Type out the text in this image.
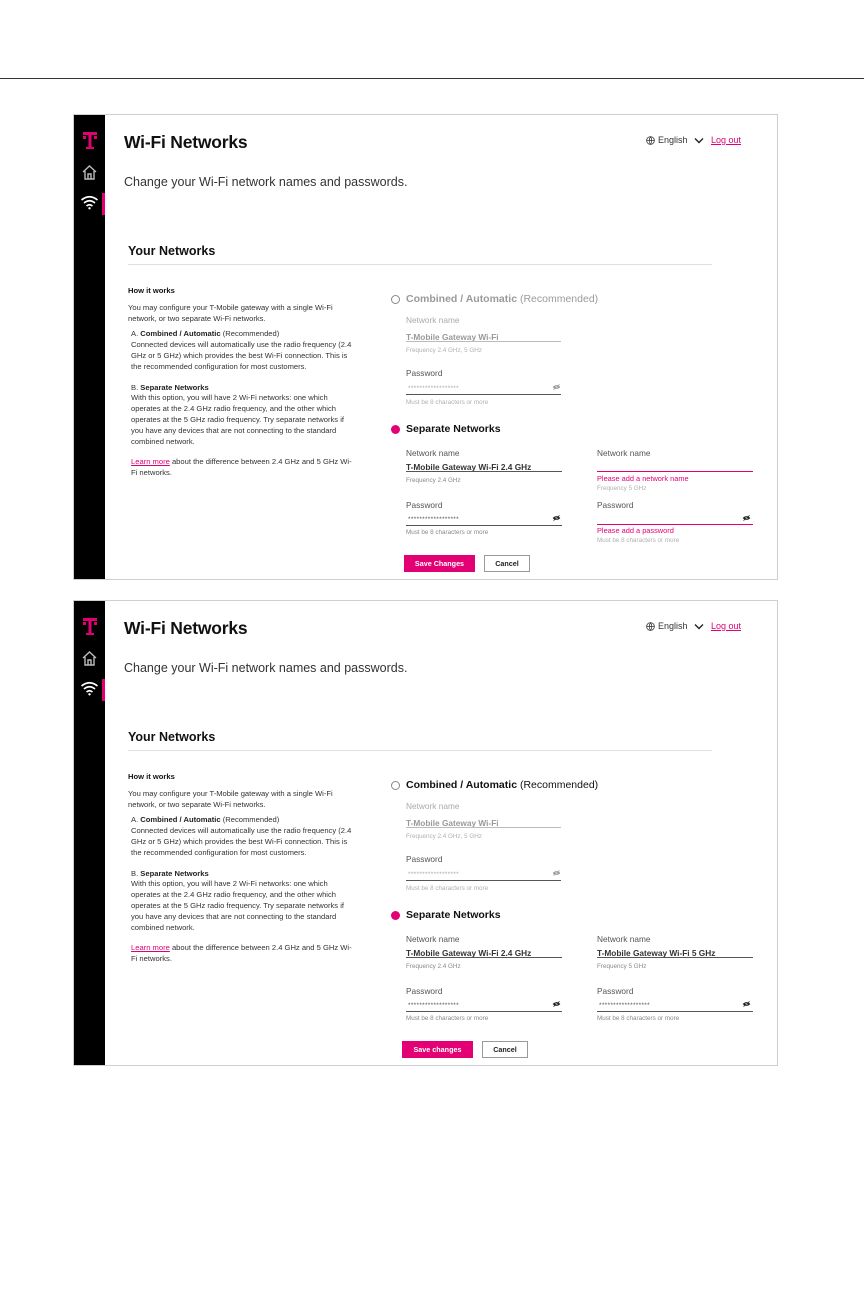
Wi-Fi Networks
Change your Wi-Fi network names and passwords.
English	Log out
Your Networks
How it works

You may configure your T-Mobile gateway with a single Wi-Fi network, or two separate Wi-Fi networks.

A. Combined / Automatic (Recommended)
Connected devices will automatically use the radio frequency (2.4 GHz or 5 GHz) which provides the best Wi-Fi connection. This is the recommended configuration for most customers.

B. Separate Networks
With this option, you will have 2 Wi-Fi networks: one which operates at the 2.4 GHz radio frequency, and the other which operates at the 5 GHz radio frequency. Try separate networks if you have any devices that are not connecting to the standard combined network.

Learn more about the difference between 2.4 GHz and 5 GHz Wi-Fi networks.

Combined / Automatic (Recommended)
Network name
T-Mobile Gateway Wi-Fi
Frequency 2.4 GHz, 5 GHz
Password
******************
Must be 8 characters or more
Separate Networks
Network name
T-Mobile Gateway Wi-Fi 2.4 GHz
Frequency 2.4 GHz
Password
******************
Must be 8 characters or more
Network name
Please add a network name
Frequency 5 GHz
Password
Please add a password
Must be 8 characters or more
Save Changes	Cancel
Wi-Fi Networks
Change your Wi-Fi network names and passwords.
English	Log out
Your Networks
How it works

You may configure your T-Mobile gateway with a single Wi-Fi network, or two separate Wi-Fi networks.

A. Combined / Automatic (Recommended)
Connected devices will automatically use the radio frequency (2.4 GHz or 5 GHz) which provides the best Wi-Fi connection. This is the recommended configuration for most customers.

B. Separate Networks
With this option, you will have 2 Wi-Fi networks: one which operates at the 2.4 GHz radio frequency, and the other which operates at the 5 GHz radio frequency. Try separate networks if you have any devices that are not connecting to the standard combined network.

Learn more about the difference between 2.4 GHz and 5 GHz Wi-Fi networks.

Combined / Automatic (Recommended)
Network name
T-Mobile Gateway Wi-Fi
Frequency 2.4 GHz, 5 GHz
Password
******************
Must be 8 characters or more
Separate Networks
Network name
T-Mobile Gateway Wi-Fi 2.4 GHz
Frequency 2.4 GHz
Password
******************
Must be 8 characters or more
Network name
T-Mobile Gateway Wi-Fi 5 GHz
Frequency 5 GHz
Password
******************
Must be 8 characters or more
Save changes	Cancel
